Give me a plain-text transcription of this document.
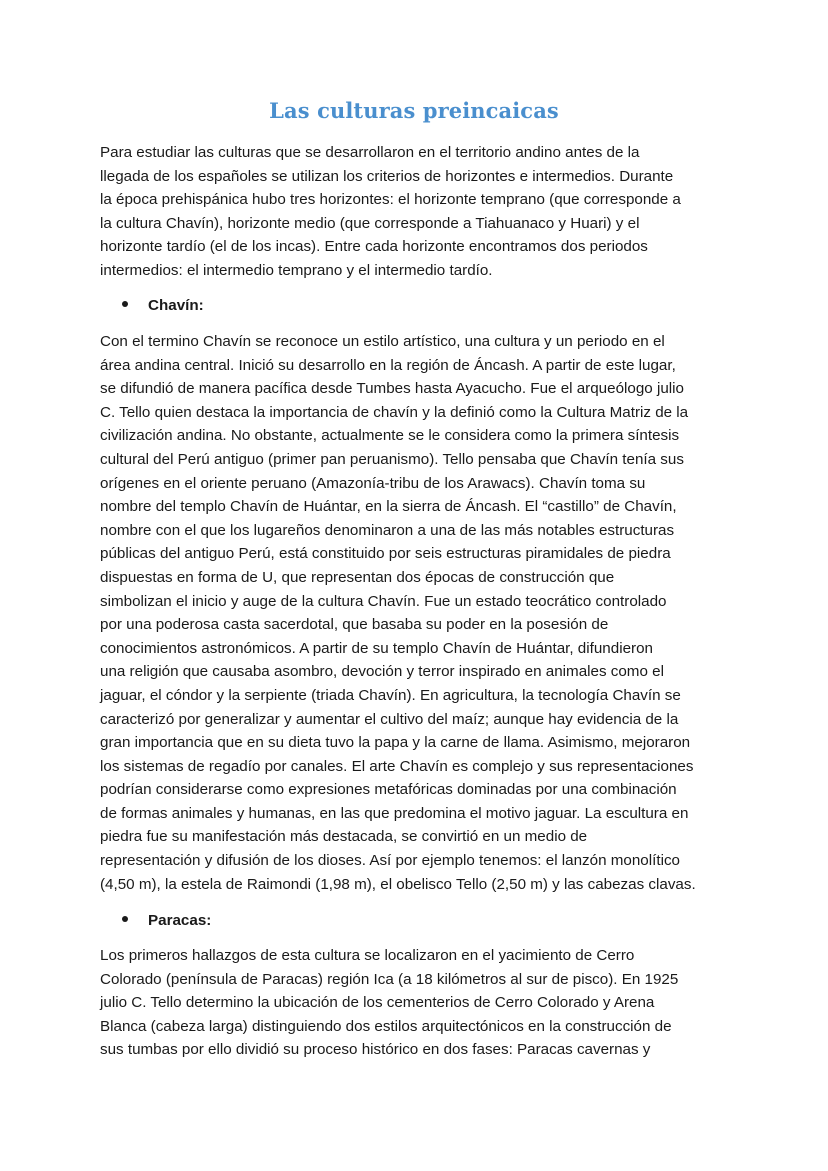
Las culturas preincaicas
Para estudiar las culturas que se desarrollaron en el territorio andino antes de la
llegada de los españoles se utilizan los criterios de horizontes e intermedios. Durante
la época prehispánica hubo tres horizontes: el horizonte temprano (que corresponde a
la cultura Chavín), horizonte medio (que corresponde a Tiahuanaco y Huari) y el
horizonte tardío (el de los incas). Entre cada horizonte encontramos dos periodos
intermedios: el intermedio temprano y el intermedio tardío.
Chavín:
Con el termino Chavín se reconoce un estilo artístico, una cultura y un periodo en el
área andina central. Inició su desarrollo en la región de Áncash. A partir de este lugar,
se difundió de manera pacífica desde Tumbes hasta Ayacucho. Fue el arqueólogo julio
C. Tello quien destaca la importancia de chavín y la definió como la Cultura Matriz de la
civilización andina. No obstante, actualmente se le considera como la primera síntesis
cultural del Perú antiguo (primer pan peruanismo). Tello pensaba que Chavín tenía sus
orígenes en el oriente peruano (Amazonía-tribu de los Arawacs). Chavín toma su
nombre del templo Chavín de Huántar, en la sierra de Áncash. El “castillo” de Chavín,
nombre con el que los lugareños denominaron a una de las más notables estructuras
públicas del antiguo Perú, está constituido por seis estructuras piramidales de piedra
dispuestas en forma de U, que representan dos épocas de construcción que
simbolizan el inicio y auge de la cultura Chavín. Fue un estado teocrático controlado
por una poderosa casta sacerdotal, que basaba su poder en la posesión de
conocimientos astronómicos. A partir de su templo Chavín de Huántar, difundieron
una religión que causaba asombro, devoción y terror inspirado en animales como el
jaguar, el cóndor y la serpiente (triada Chavín). En agricultura, la tecnología Chavín se
caracterizó por generalizar y aumentar el cultivo del maíz; aunque hay evidencia de la
gran importancia que en su dieta tuvo la papa y la carne de llama. Asimismo, mejoraron
los sistemas de regadío por canales. El arte Chavín es complejo y sus representaciones
podrían considerarse como expresiones metafóricas dominadas por una combinación
de formas animales y humanas, en las que predomina el motivo jaguar. La escultura en
piedra fue su manifestación más destacada, se convirtió en un medio de
representación y difusión de los dioses. Así por ejemplo tenemos: el lanzón monolítico
(4,50 m), la estela de Raimondi (1,98 m), el obelisco Tello (2,50 m) y las cabezas clavas.
Paracas:
Los primeros hallazgos de esta cultura se localizaron en el yacimiento de Cerro
Colorado (península de Paracas) región Ica (a 18 kilómetros al sur de pisco). En 1925
julio C. Tello determino la ubicación de los cementerios de Cerro Colorado y Arena
Blanca (cabeza larga) distinguiendo dos estilos arquitectónicos en la construcción de
sus tumbas por ello dividió su proceso histórico en dos fases: Paracas cavernas y
